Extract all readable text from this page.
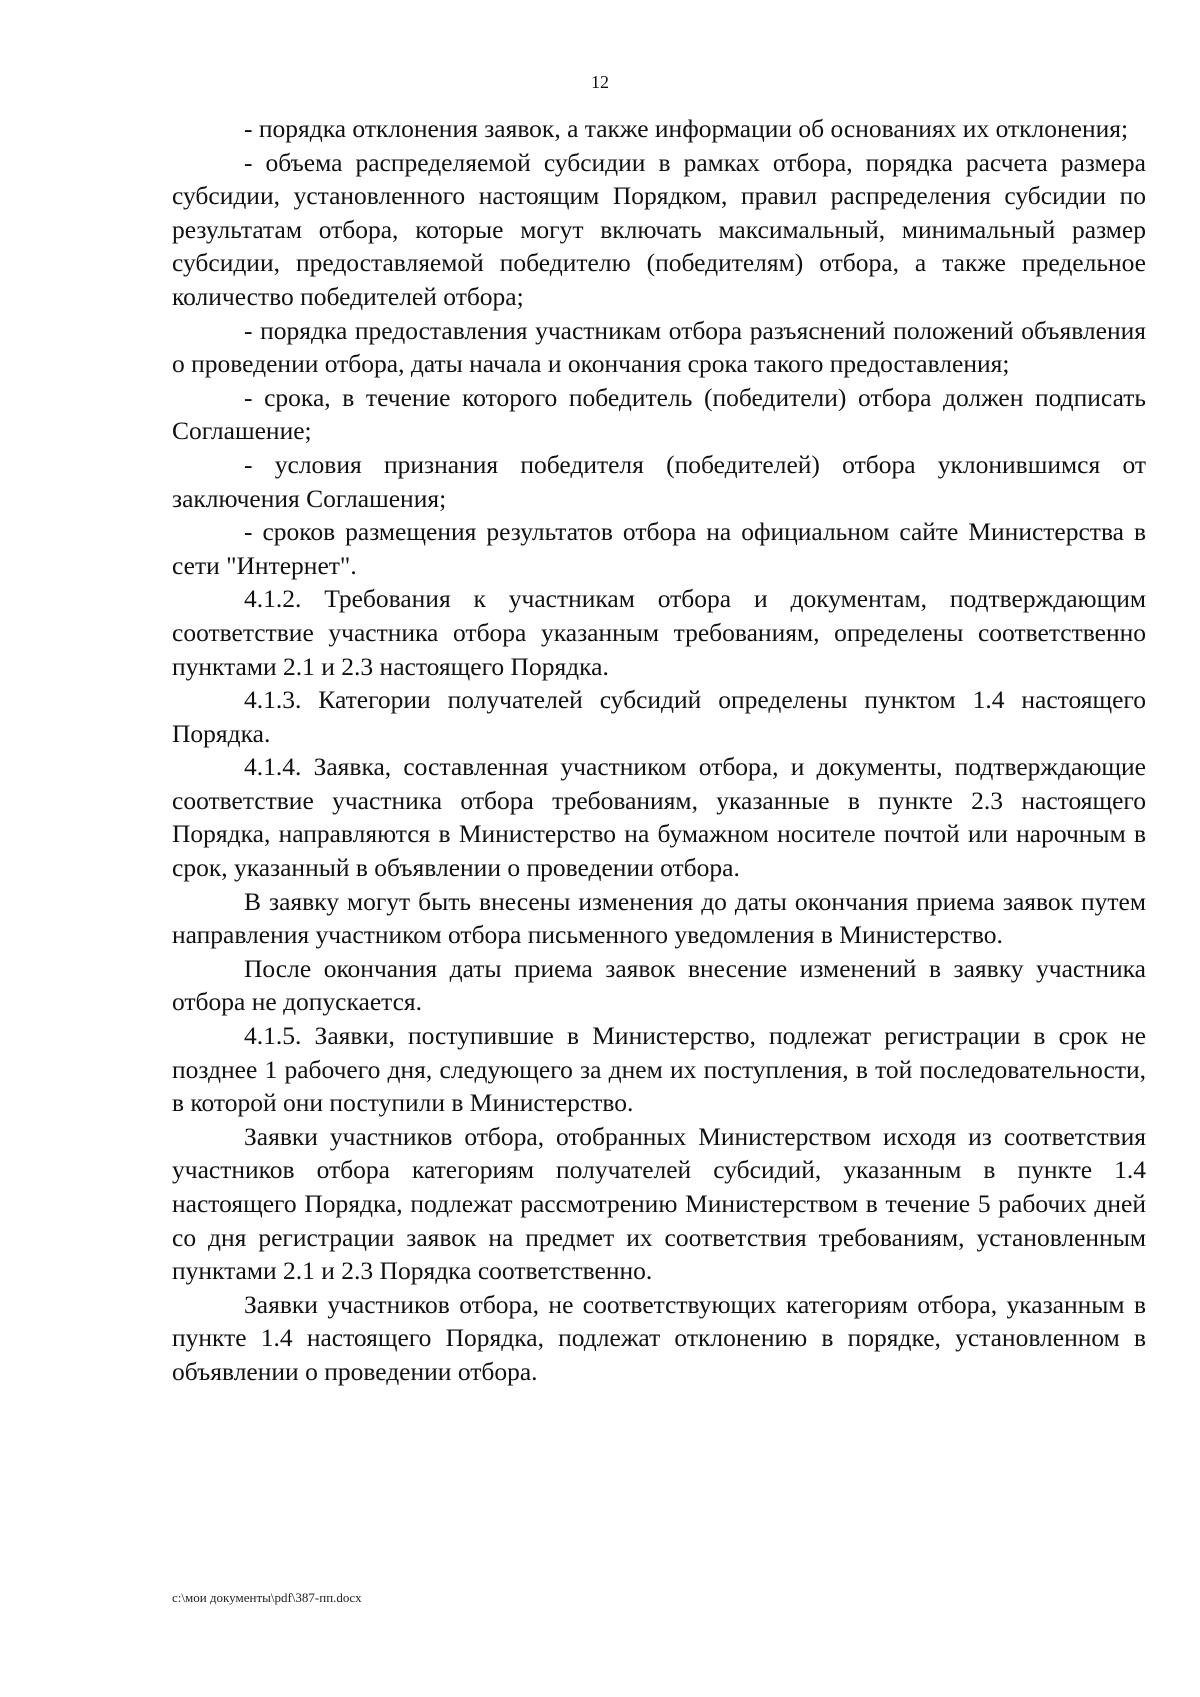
12

- порядка отклонения заявок, а также информации об основаниях их отклонения;

- объема распределяемой субсидии в рамках отбора, порядка расчета размера субсидии, установленного настоящим Порядком, правил распределения субсидии по результатам отбора, которые могут включать максимальный, минимальный размер субсидии, предоставляемой победителю (победителям) отбора, а также предельное количество победителей отбора;

- порядка предоставления участникам отбора разъяснений положений объявления о проведении отбора, даты начала и окончания срока такого предоставления;

- срока, в течение которого победитель (победители) отбора должен подписать Соглашение;

- условия признания победителя (победителей) отбора уклонившимся от заключения Соглашения;

- сроков размещения результатов отбора на официальном сайте Министерства в сети "Интернет".

4.1.2. Требования к участникам отбора и документам, подтверждающим соответствие участника отбора указанным требованиям, определены соответственно пунктами 2.1 и 2.3 настоящего Порядка.

4.1.3. Категории получателей субсидий определены пунктом 1.4 настоящего Порядка.

4.1.4. Заявка, составленная участником отбора, и документы, подтверждающие соответствие участника отбора требованиям, указанные в пункте 2.3 настоящего Порядка, направляются в Министерство на бумажном носителе почтой или нарочным в срок, указанный в объявлении о проведении отбора.

В заявку могут быть внесены изменения до даты окончания приема заявок путем направления участником отбора письменного уведомления в Министерство.

После окончания даты приема заявок внесение изменений в заявку участника отбора не допускается.

4.1.5. Заявки, поступившие в Министерство, подлежат регистрации в срок не позднее 1 рабочего дня, следующего за днем их поступления, в той последовательности, в которой они поступили в Министерство.

Заявки участников отбора, отобранных Министерством исходя из соответствия участников отбора категориям получателей субсидий, указанным в пункте 1.4 настоящего Порядка, подлежат рассмотрению Министерством в течение 5 рабочих дней со дня регистрации заявок на предмет их соответствия требованиям, установленным пунктами 2.1 и 2.3 Порядка соответственно.

Заявки участников отбора, не соответствующих категориям отбора, указанным в пункте 1.4 настоящего Порядка, подлежат отклонению в порядке, установленном в объявлении о проведении отбора.

c:\мои документы\pdf\387-пп.docx
